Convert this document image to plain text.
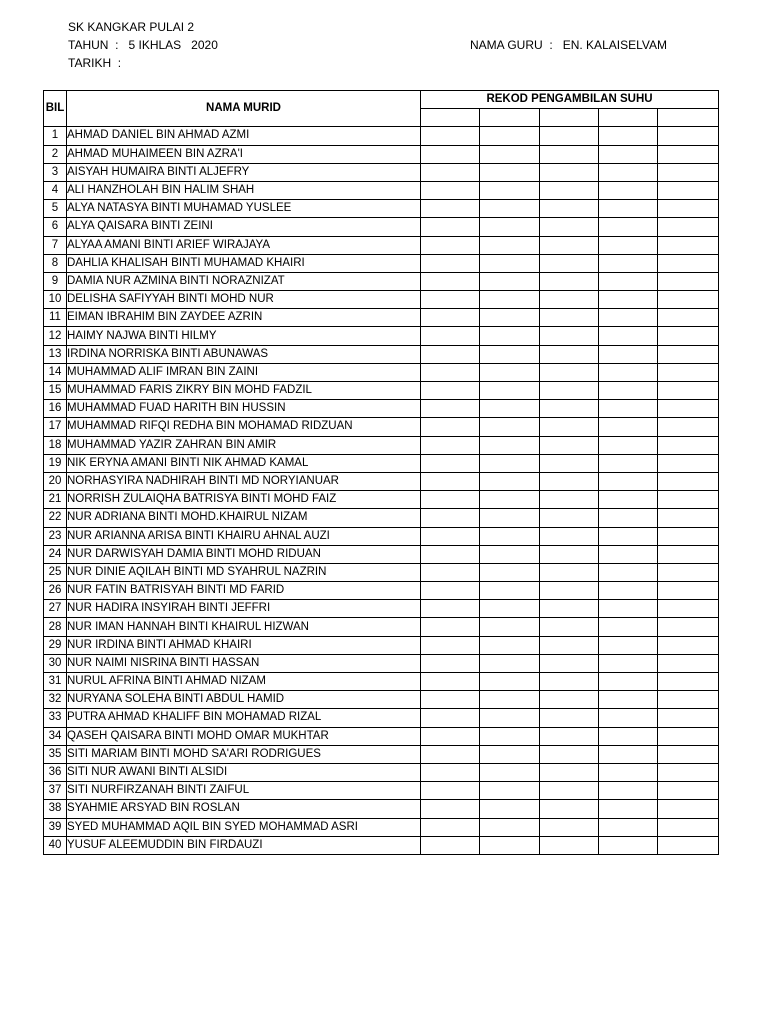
SK KANGKAR PULAI 2
TAHUN  :   5 IKHLAS   2020
TARIKH  :
NAMA GURU  :   EN. KALAISELVAM
BIL	NAMA MURID	REKOD PENGAMBILAN SUHU				

1	AHMAD DANIEL BIN AHMAD AZMI					
2	AHMAD MUHAIMEEN BIN AZRA'I					
3	AISYAH HUMAIRA BINTI ALJEFRY					
4	ALI HANZHOLAH BIN HALIM SHAH					
5	ALYA NATASYA BINTI MUHAMAD YUSLEE					
6	ALYA QAISARA BINTI ZEINI					
7	ALYAA AMANI BINTI ARIEF WIRAJAYA					
8	DAHLIA KHALISAH BINTI MUHAMAD KHAIRI					
9	DAMIA NUR AZMINA BINTI NORAZNIZAT					
10	DELISHA SAFIYYAH BINTI MOHD NUR					
11	EIMAN IBRAHIM BIN ZAYDEE AZRIN					
12	HAIMY NAJWA BINTI HILMY					
13	IRDINA NORRISKA BINTI ABUNAWAS					
14	MUHAMMAD ALIF IMRAN BIN ZAINI					
15	MUHAMMAD FARIS ZIKRY BIN MOHD FADZIL					
16	MUHAMMAD FUAD HARITH BIN HUSSIN					
17	MUHAMMAD RIFQI REDHA BIN MOHAMAD RIDZUAN					
18	MUHAMMAD YAZIR ZAHRAN BIN AMIR					
19	NIK ERYNA AMANI BINTI NIK AHMAD KAMAL					
20	NORHASYIRA NADHIRAH BINTI MD NORYIANUAR					
21	NORRISH ZULAIQHA BATRISYA BINTI MOHD FAIZ					
22	NUR ADRIANA BINTI MOHD.KHAIRUL NIZAM					
23	NUR ARIANNA ARISA BINTI KHAIRU AHNAL AUZI					
24	NUR DARWISYAH DAMIA BINTI MOHD RIDUAN					
25	NUR DINIE AQILAH BINTI MD SYAHRUL NAZRIN					
26	NUR FATIN BATRISYAH BINTI MD FARID					
27	NUR HADIRA INSYIRAH BINTI JEFFRI					
28	NUR IMAN HANNAH BINTI KHAIRUL HIZWAN					
29	NUR IRDINA BINTI AHMAD KHAIRI					
30	NUR NAIMI NISRINA BINTI HASSAN					
31	NURUL AFRINA BINTI AHMAD NIZAM					
32	NURYANA SOLEHA BINTI ABDUL HAMID					
33	PUTRA AHMAD KHALIFF BIN MOHAMAD RIZAL					
34	QASEH QAISARA BINTI MOHD OMAR MUKHTAR					
35	SITI MARIAM BINTI MOHD SA'ARI RODRIGUES					
36	SITI NUR AWANI BINTI ALSIDI					
37	SITI NURFIRZANAH BINTI ZAIFUL					
38	SYAHMIE ARSYAD BIN ROSLAN					
39	SYED MUHAMMAD AQIL BIN SYED MOHAMMAD ASRI					
40	YUSUF ALEEMUDDIN BIN FIRDAUZI					
